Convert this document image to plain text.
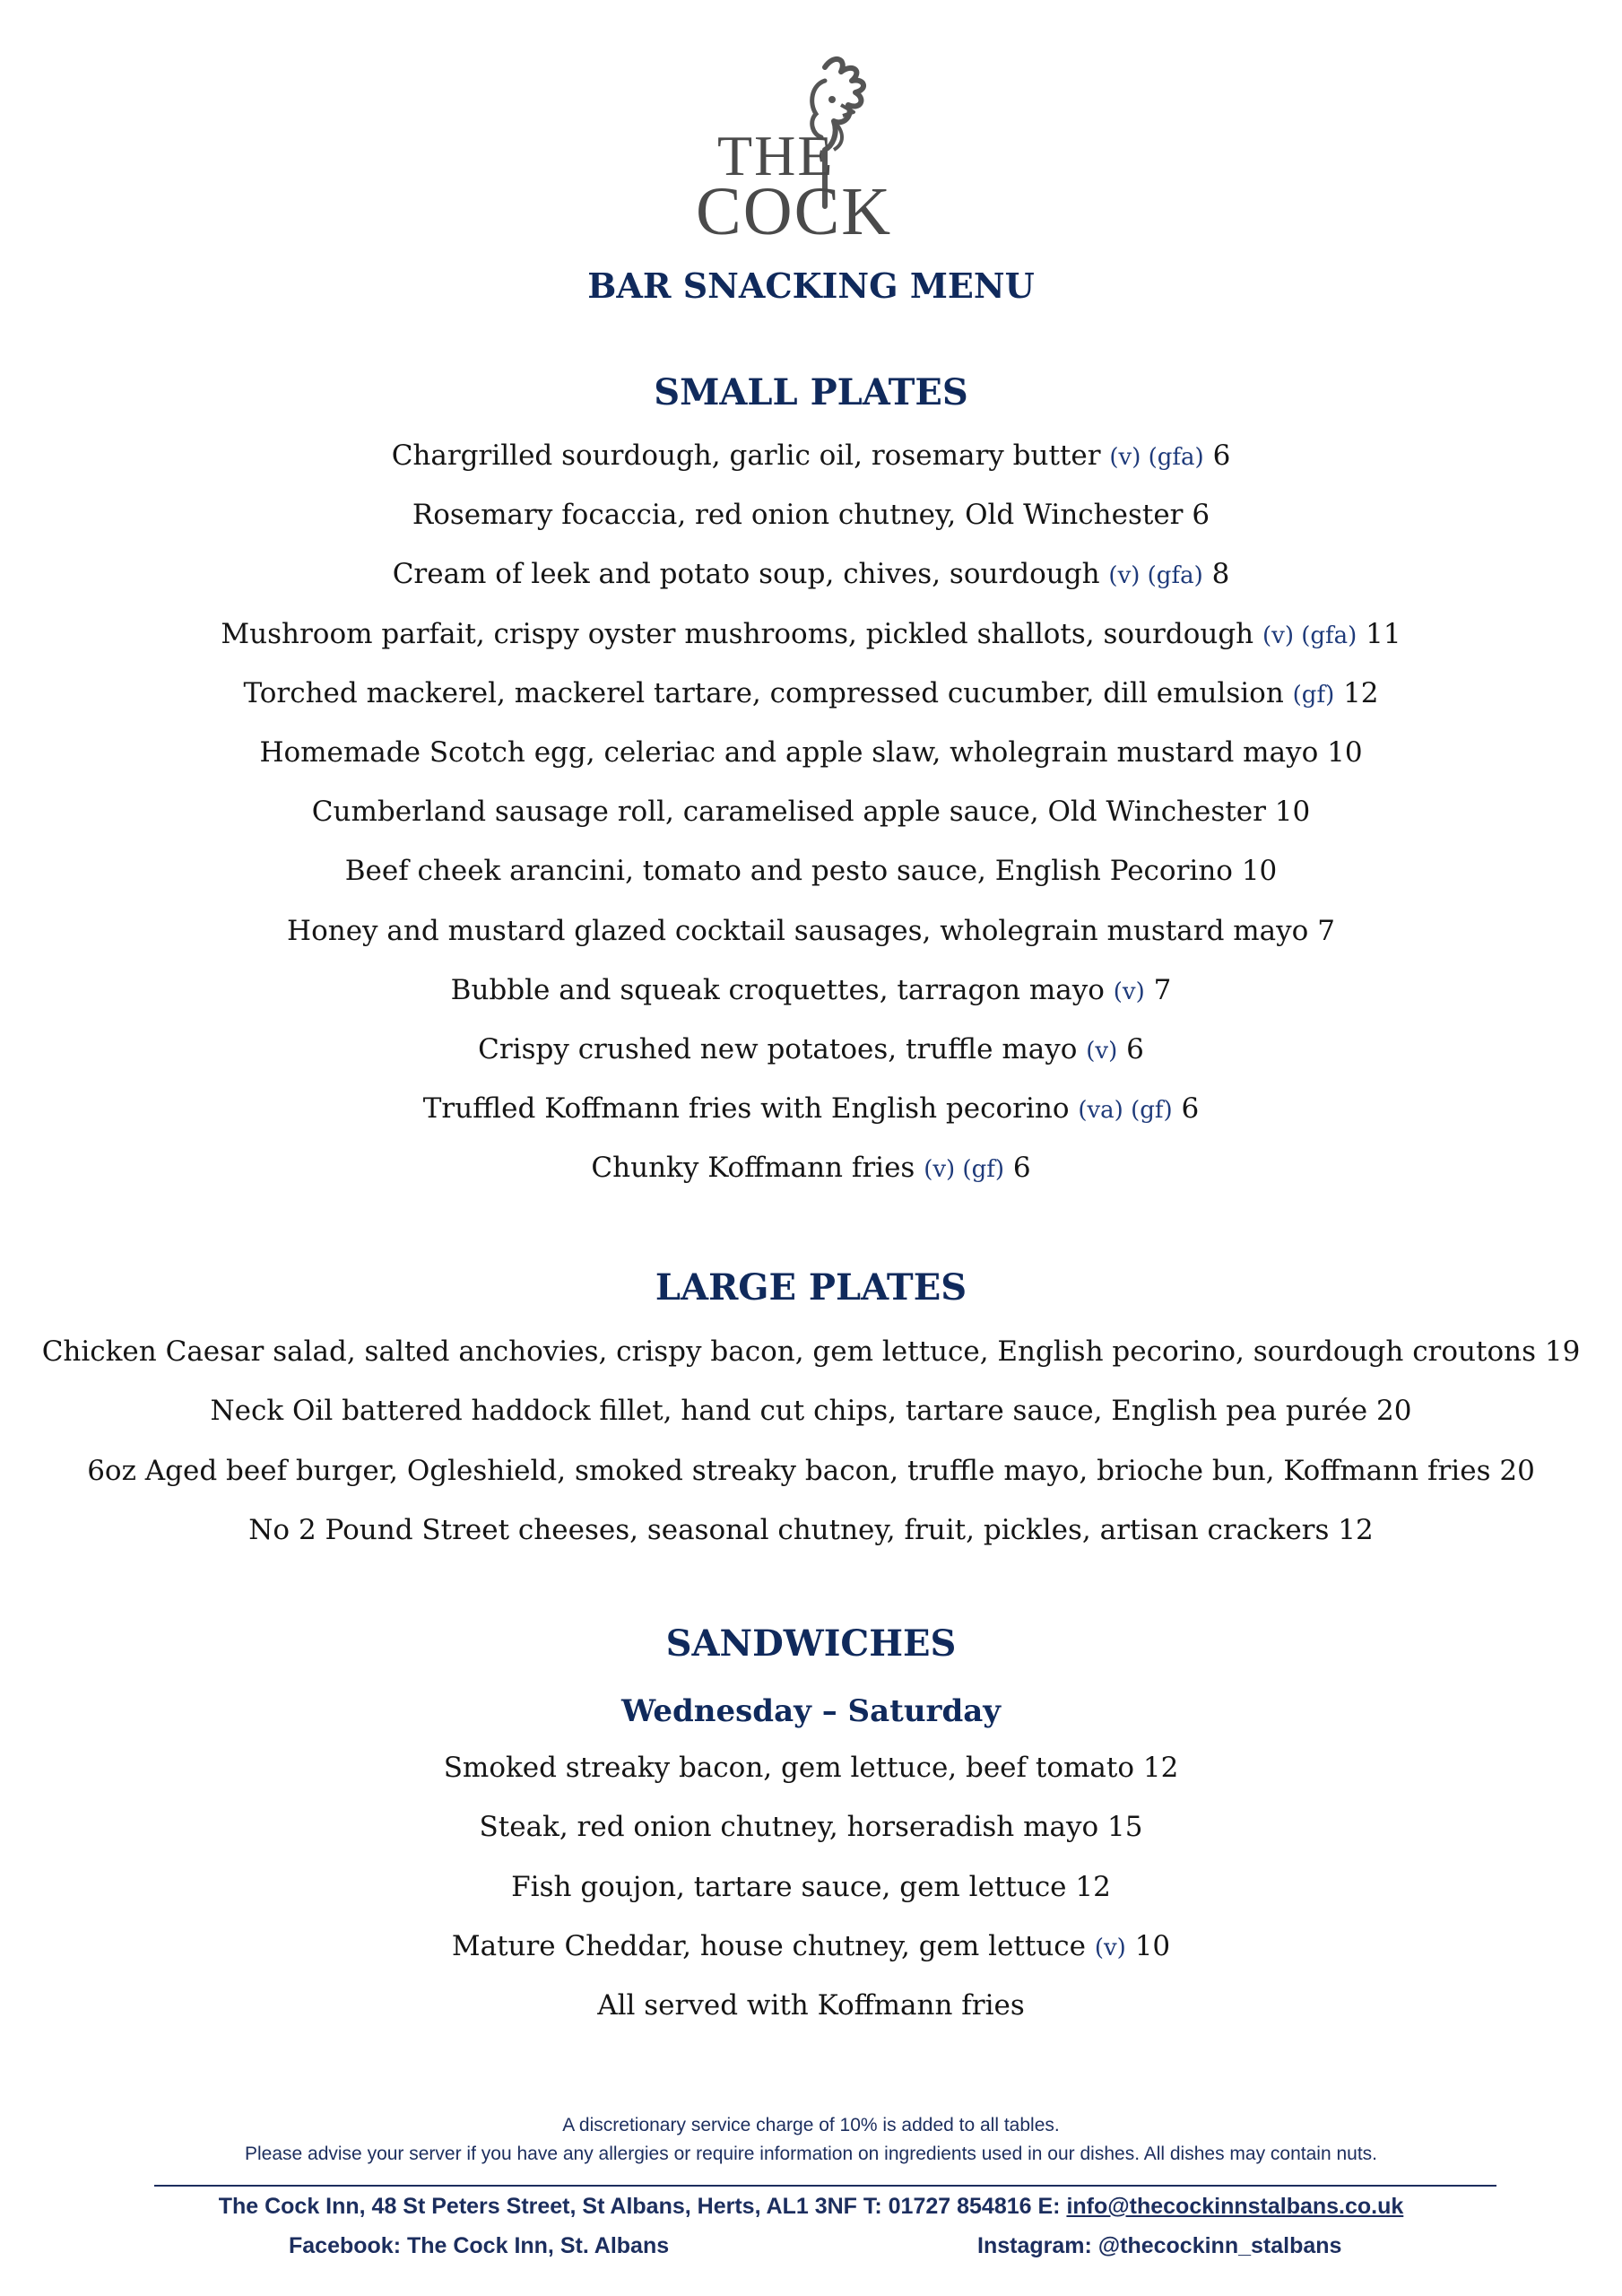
THE
COCK
BAR SNACKING MENU
SMALL PLATES
Chargrilled sourdough, garlic oil, rosemary butter (v) (gfa) 6
Rosemary focaccia, red onion chutney, Old Winchester 6
Cream of leek and potato soup, chives, sourdough (v) (gfa) 8
Mushroom parfait, crispy oyster mushrooms, pickled shallots, sourdough (v) (gfa) 11
Torched mackerel, mackerel tartare, compressed cucumber, dill emulsion (gf) 12
Homemade Scotch egg, celeriac and apple slaw, wholegrain mustard mayo 10
Cumberland sausage roll, caramelised apple sauce, Old Winchester 10
Beef cheek arancini, tomato and pesto sauce, English Pecorino 10
Honey and mustard glazed cocktail sausages, wholegrain mustard mayo 7
Bubble and squeak croquettes, tarragon mayo (v) 7
Crispy crushed new potatoes, truffle mayo (v) 6
Truffled Koffmann fries with English pecorino (va) (gf) 6
Chunky Koffmann fries (v) (gf) 6
LARGE PLATES
Chicken Caesar salad, salted anchovies, crispy bacon, gem lettuce, English pecorino, sourdough croutons 19
Neck Oil battered haddock fillet, hand cut chips, tartare sauce, English pea purée 20
6oz Aged beef burger, Ogleshield, smoked streaky bacon, truffle mayo, brioche bun, Koffmann fries 20
No 2 Pound Street cheeses, seasonal chutney, fruit, pickles, artisan crackers 12
SANDWICHES
Wednesday – Saturday
Smoked streaky bacon, gem lettuce, beef tomato 12
Steak, red onion chutney, horseradish mayo 15
Fish goujon, tartare sauce, gem lettuce 12
Mature Cheddar, house chutney, gem lettuce (v) 10
All served with Koffmann fries
A discretionary service charge of 10% is added to all tables.
Please advise your server if you have any allergies or require information on ingredients used in our dishes. All dishes may contain nuts.
The Cock Inn, 48 St Peters Street, St Albans, Herts, AL1 3NF T: 01727 854816 E: info@thecockinnstalbans.co.uk
Facebook: The Cock Inn, St. Albans	Instagram: @thecockinn_stalbans
